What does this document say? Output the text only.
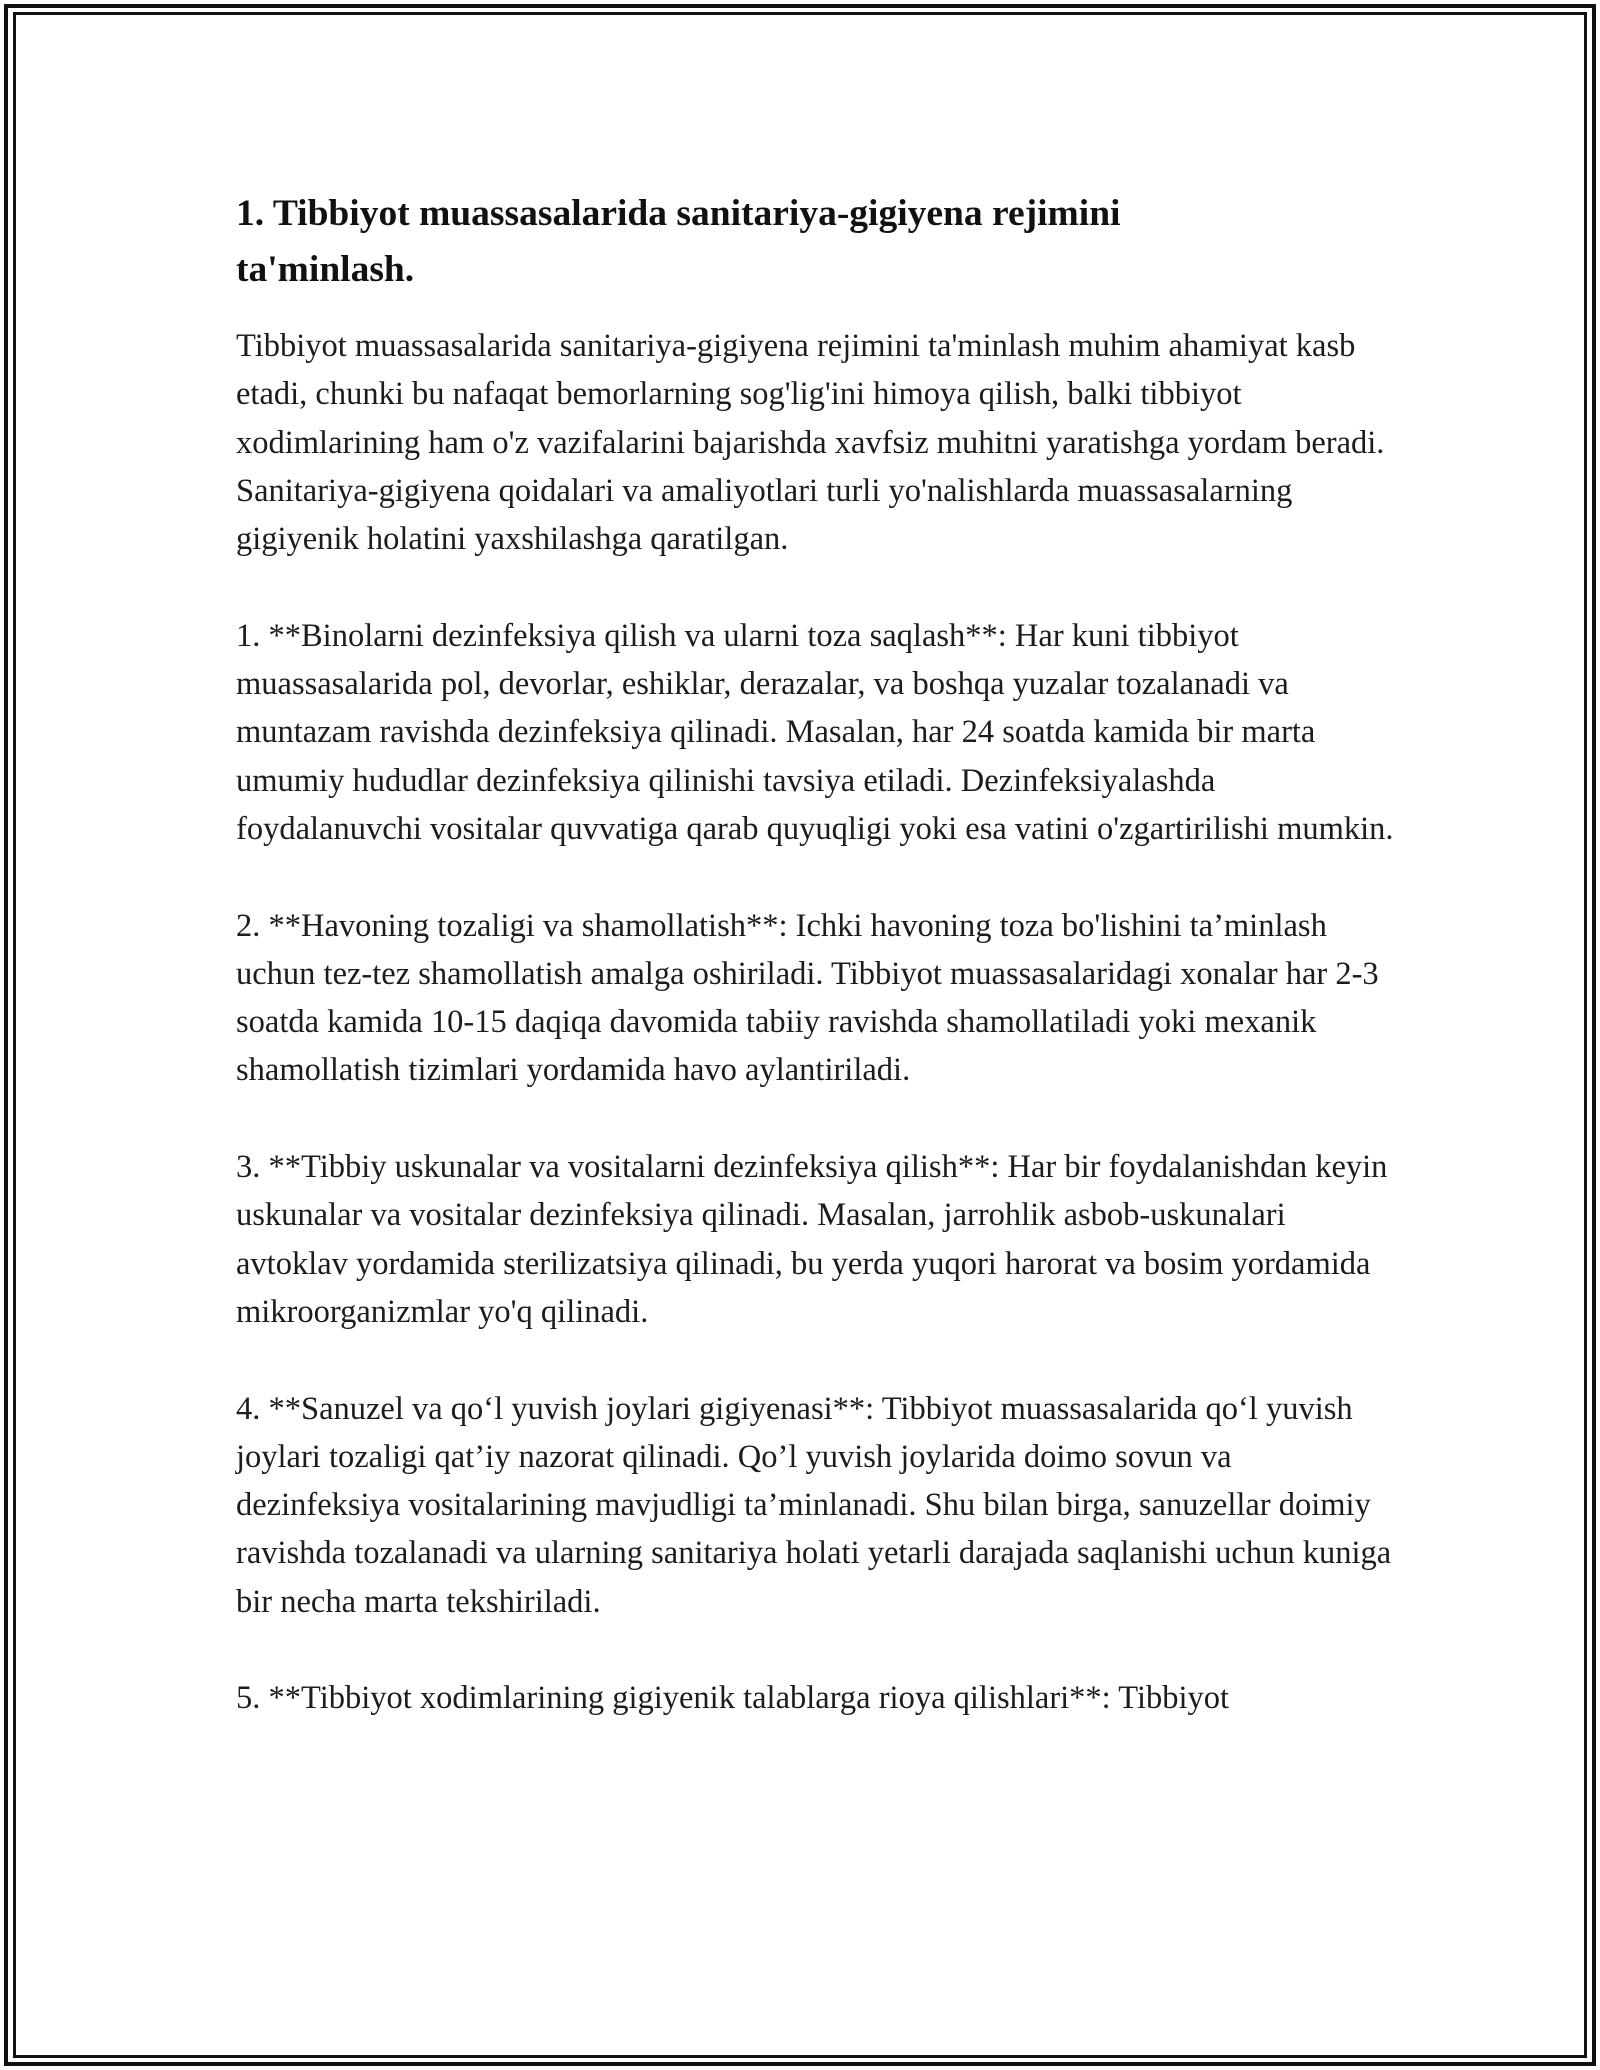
1. Tibbiyot muassasalarida sanitariya-gigiyena rejimini
ta'minlash.

Tibbiyot muassasalarida sanitariya-gigiyena rejimini ta'minlash muhim ahamiyat kasb etadi, chunki bu nafaqat bemorlarning sog'lig'ini himoya qilish, balki tibbiyot xodimlarining ham o'z vazifalarini bajarishda xavfsiz muhitni yaratishga yordam beradi. Sanitariya-gigiyena qoidalari va amaliyotlari turli yo'nalishlarda muassasalarning gigiyenik holatini yaxshilashga qaratilgan.

1. **Binolarni dezinfeksiya qilish va ularni toza saqlash**: Har kuni tibbiyot muassasalarida pol, devorlar, eshiklar, derazalar, va boshqa yuzalar tozalanadi va muntazam ravishda dezinfeksiya qilinadi. Masalan, har 24 soatda kamida bir marta umumiy hududlar dezinfeksiya qilinishi tavsiya etiladi. Dezinfeksiyalashda foydalanuvchi vositalar quvvatiga qarab quyuqligi yoki esa vatini o'zgartirilishi mumkin.

2. **Havoning tozaligi va shamollatish**: Ichki havoning toza bo'lishini ta’minlash uchun tez-tez shamollatish amalga oshiriladi. Tibbiyot muassasalaridagi xonalar har 2-3 soatda kamida 10-15 daqiqa davomida tabiiy ravishda shamollatiladi yoki mexanik shamollatish tizimlari yordamida havo aylantiriladi.

3. **Tibbiy uskunalar va vositalarni dezinfeksiya qilish**: Har bir foydalanishdan keyin uskunalar va vositalar dezinfeksiya qilinadi. Masalan, jarrohlik asbob-uskunalari avtoklav yordamida sterilizatsiya qilinadi, bu yerda yuqori harorat va bosim yordamida mikroorganizmlar yo'q qilinadi.

4. **Sanuzel va qo‘l yuvish joylari gigiyenasi**: Tibbiyot muassasalarida qo‘l yuvish joylari tozaligi qat’iy nazorat qilinadi. Qo’l yuvish joylarida doimo sovun va dezinfeksiya vositalarining mavjudligi ta’minlanadi. Shu bilan birga, sanuzellar doimiy ravishda tozalanadi va ularning sanitariya holati yetarli darajada saqlanishi uchun kuniga bir necha marta tekshiriladi.

5. **Tibbiyot xodimlarining gigiyenik talablarga rioya qilishlari**: Tibbiyot
